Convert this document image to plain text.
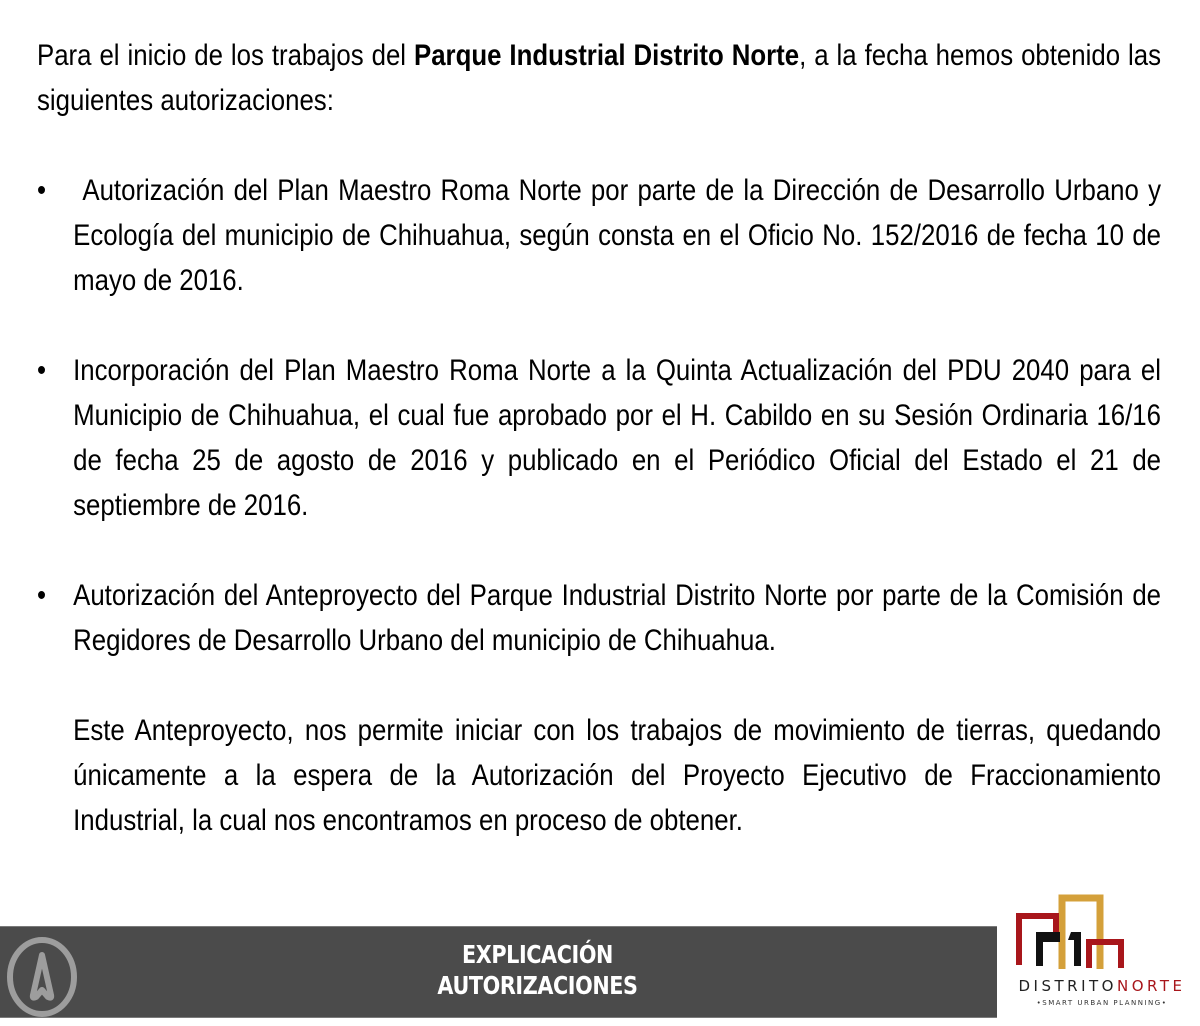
Para el inicio de los trabajos del Parque Industrial Distrito Norte, a la fecha hemos obtenido las siguientes autorizaciones:

• Autorización del Plan Maestro Roma Norte por parte de la Dirección de Desarrollo Urbano y Ecología del municipio de Chihuahua, según consta en el Oficio No. 152/2016 de fecha 10 de mayo de 2016.
• Incorporación del Plan Maestro Roma Norte a la Quinta Actualización del PDU 2040 para el Municipio de Chihuahua, el cual fue aprobado por el H. Cabildo en su Sesión Ordinaria 16/16 de fecha 25 de agosto de 2016 y publicado en el Periódico Oficial del Estado el 21 de septiembre de 2016.
• Autorización del Anteproyecto del Parque Industrial Distrito Norte por parte de la Comisión de Regidores de Desarrollo Urbano del municipio de Chihuahua.

Este Anteproyecto, nos permite iniciar con los trabajos de movimiento de tierras, quedando únicamente a la espera de la Autorización del Proyecto Ejecutivo de Fraccionamiento Industrial, la cual nos encontramos en proceso de obtener.

EXPLICACIÓN
AUTORIZACIONES	DISTRITONORTE
•SMART URBAN PLANNING•
